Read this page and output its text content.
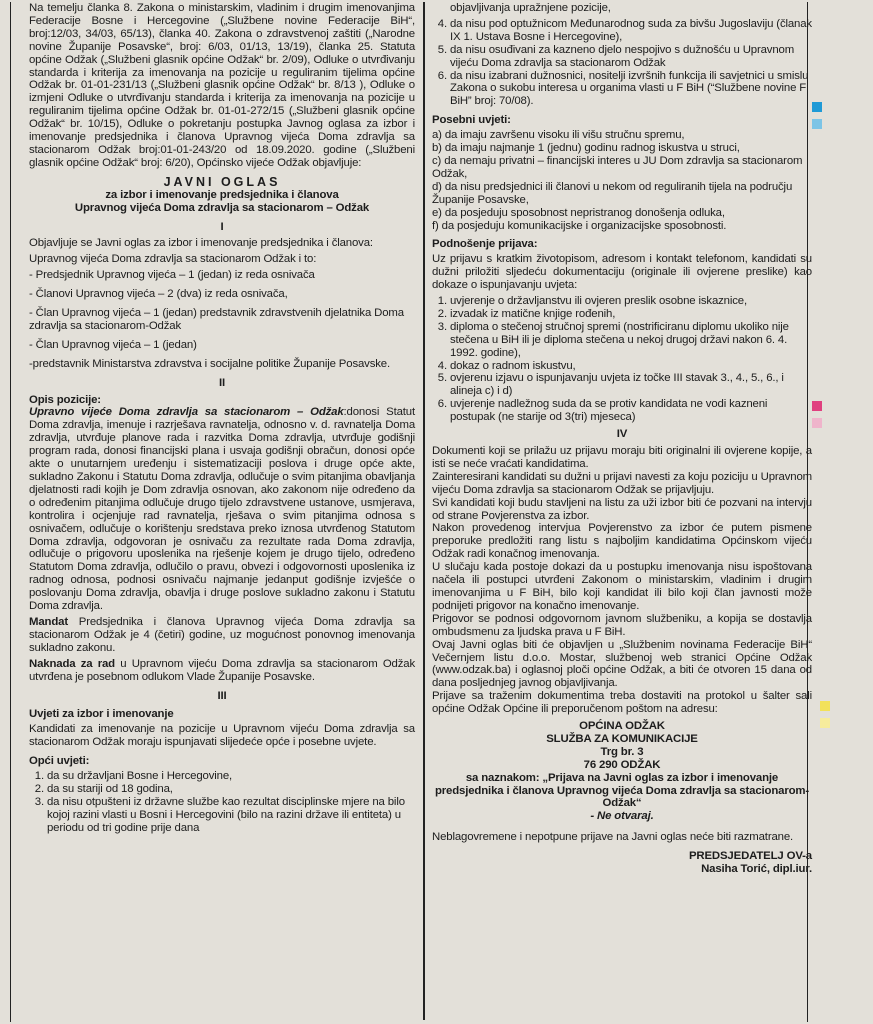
Na temelju članka 8. Zakona o ministarskim, vladinim i drugim imenovanjima Federacije Bosne i Hercegovine („Službene novine Federacije BiH“, broj:12/03, 34/03, 65/13), članka 40. Zakona o zdravstvenoj zaštiti („Narodne novine Županije Posavske“, broj: 6/03, 01/13, 13/19), članka 25. Statuta općine Odžak („Službeni glasnik općine Odžak“ br. 2/09), Odluke o utvrđivanju standarda i kriterija za imenovanja na pozicije u reguliranim tijelima općine Odžak br. 01-01-231/13 („Službeni glasnik općine Odžak“ br. 8/13 ), Odluke o izmjeni Odluke o utvrđivanju standarda i kriterija za imenovanja na pozicije u reguliranim tijelima općine Odžak br. 01-01-272/15 („Službeni glasnik općine Odžak“ br. 10/15), Odluke o pokretanju postupka Javnog oglasa za izbor i imenovanje predsjednika i članova Upravnog vijeća Doma zdravlja sa stacionarom Odžak broj:01-01-243/20 od 18.09.2020. godine („Službeni glasnik općine Odžak“ broj: 6/20), Općinsko vijeće Odžak objavljuje:

JAVNI OGLAS

za izbor i imenovanje predsjednika i članova

Upravnog vijeća Doma zdravlja sa stacionarom – Odžak

I

Objavljuje se Javni oglas za izbor i imenovanje predsjednika i članova:

Upravnog vijeća Doma zdravlja sa stacionarom Odžak i to:

- Predsjednik Upravnog vijeća – 1 (jedan) iz reda osnivača
- Članovi Upravnog vijeća – 2 (dva) iz reda osnivača,
- Član Upravnog vijeća – 1 (jedan) predstavnik zdravstvenih djelatnika Doma zdravlja sa stacionarom-Odžak
- Član Upravnog vijeća – 1 (jedan)
-predstavnik Ministarstva zdravstva i socijalne politike Županije Posavske.
II

Opis pozicije:
Upravno vijeće Doma zdravlja sa stacionarom – Odžak:donosi Statut Doma zdravlja, imenuje i razrješava ravnatelja, odnosno v. d. ravnatelja Doma zdravlja, utvrđuje planove rada i razvitka Doma zdravlja, utvrđuje godišnji program rada, donosi financijski plana i usvaja godišnji obračun, donosi opće akte o unutarnjem uređenju i sistematizaciji poslova i druge opće akte, sukladno Zakonu i Statutu Doma zdravlja, odlučuje o svim pitanjima obavljanja djelatnosti radi kojih je Dom zdravlja osnovan, ako zakonom nije određeno da o određenim pitanjima odlučuje drugo tijelo zdravstvene ustanove, usmjerava, kontrolira i ocjenjuje rad ravnatelja, rješava o svim pitanjima odnosa s osnivačem, odlučuje o korištenju sredstava preko iznosa utvrđenog Statutom Doma zdravlja, odgovoran je osnivaču za rezultate rada Doma zdravlja, odlučuje o prigovoru uposlenika na rješenje kojem je drugo tijelo, određeno Statutom Doma zdravlja, odlučilo o pravu, obvezi i odgovornosti uposlenika iz radnog odnosa, podnosi osnivaču najmanje jedanput godišnje izvješće o poslovanju Doma zdravlja, obavlja i druge poslove sukladno zakonu i Statutu Doma zdravlja.

Mandat Predsjednika i članova Upravnog vijeća Doma zdravlja sa stacionarom Odžak je 4 (četiri) godine, uz mogućnost ponovnog imenovanja sukladno zakonu.

Naknada za rad u Upravnom vijeću Doma zdravlja sa stacionarom Odžak utvrđena je posebnom odlukom Vlade Županije Posavske.

III
Uvjeti za izbor i imenovanje

Kandidati za imenovanje na pozicije u Upravnom vijeću Doma zdravlja sa stacionarom Odžak moraju ispunjavati slijedeće opće i posebne uvjete.

Opći uvjeti:
1. da su državljani Bosne i Hercegovine,
2. da su stariji od 18 godina,
3. da nisu otpušteni iz državne službe kao rezultat disciplinske mjere na bilo kojoj razini vlasti u Bosni i Hercegovini (bilo na razini države ili entiteta) u periodu od tri godine prije dana

objavljivanja upražnjene pozicije,

4. da nisu pod optužnicom Međunarodnog suda za bivšu Jugoslaviju (članak IX 1. Ustava Bosne i Hercegovine),
5. da nisu osuđivani za kazneno djelo nespojivo s dužnošću u Upravnom vijeću Doma zdravlja sa stacionarom Odžak
6. da nisu izabrani dužnosnici, nositelji izvršnih funkcija ili savjetnici u smislu Zakona o sukobu interesa u organima vlasti u F BiH (“Službene novine F BiH” broj: 70/08).
Posebni uvjeti:
a) da imaju završenu visoku ili višu stručnu spremu,
b) da imaju najmanje 1 (jednu) godinu radnog iskustva u struci,
c) da nemaju privatni – financijski interes u JU Dom zdravlja sa stacionarom Odžak,
d) da nisu predsjednici ili članovi u nekom od reguliranih tijela na području Županije Posavske,
e) da posjeduju sposobnost nepristranog donošenja odluka,
f) da posjeduju komunikacijske i organizacijske sposobnosti.
Podnošenje prijava:

Uz prijavu s kratkim životopisom, adresom i kontakt telefonom, kandidati su dužni priložiti sljedeću dokumentaciju (originale ili ovjerene preslike) kao dokaze o ispunjavanju uvjeta:

1. uvjerenje o državljanstvu ili ovjeren preslik osobne iskaznice,
2. izvadak iz matične knjige rođenih,
3. diploma o stečenoj stručnoj spremi (nostrificiranu diplomu ukoliko nije stečena u BiH ili je diploma stečena u nekoj drugoj državi nakon 6. 4. 1992. godine),
4. dokaz o radnom iskustvu,
5. ovjerenu izjavu o ispunjavanju uvjeta iz točke III stavak 3., 4., 5., 6., i alineja c) i d)
6. uvjerenje nadležnog suda da se protiv kandidata ne vodi kazneni postupak (ne starije od 3(tri) mjeseca)
IV

Dokumenti koji se prilažu uz prijavu moraju biti originalni ili ovjerene kopije, a isti se neće vraćati kandidatima.

Zainteresirani kandidati su dužni u prijavi navesti za koju poziciju u Upravnom vijeću Doma zdravlja sa stacionarom Odžak se prijavljuju.

Svi kandidati koji budu stavljeni na listu za uži izbor biti će pozvani na intervju od strane Povjerenstva za izbor.

Nakon provedenog intervjua Povjerenstvo za izbor će putem pismene preporuke predložiti rang listu s najboljim kandidatima Općinskom vijeću Odžak radi konačnog imenovanja.

U slučaju kada postoje dokazi da u postupku imenovanja nisu ispoštovana načela ili postupci utvrđeni Zakonom o ministarskim, vladinim i drugim imenovanjima u F BiH, bilo koji kandidat ili bilo koji član javnosti može podnijeti prigovor na konačno imenovanje.

Prigovor se podnosi odgovornom javnom službeniku, a kopija se dostavlja ombudsmenu za ljudska prava u F BiH.

Ovaj Javni oglas biti će objavljen u „Službenim novinama Federacije BiH“ Večernjem listu d.o.o. Mostar, službenoj web stranici Općine Odžak (www.odzak.ba) i oglasnoj ploči općine Odžak, a biti će otvoren 15 dana od dana posljednjeg javnog objavljivanja.

Prijave sa traženim dokumentima treba dostaviti na protokol u šalter sali općine Odžak Općine ili preporučenom poštom na adresu:

OPĆINA ODŽAK

SLUŽBA ZA KOMUNIKACIJE

Trg br. 3

76 290 ODŽAK

sa naznakom: „Prijava na Javni oglas za izbor i imenovanje predsjednika i članova Upravnog vijeća Doma zdravlja sa stacionarom-Odžak“

- Ne otvaraj.

Neblagovremene i nepotpune prijave na Javni oglas neće biti razmatrane.

PREDSJEDATELJ OV-a

Nasiha Torić, dipl.iur.
